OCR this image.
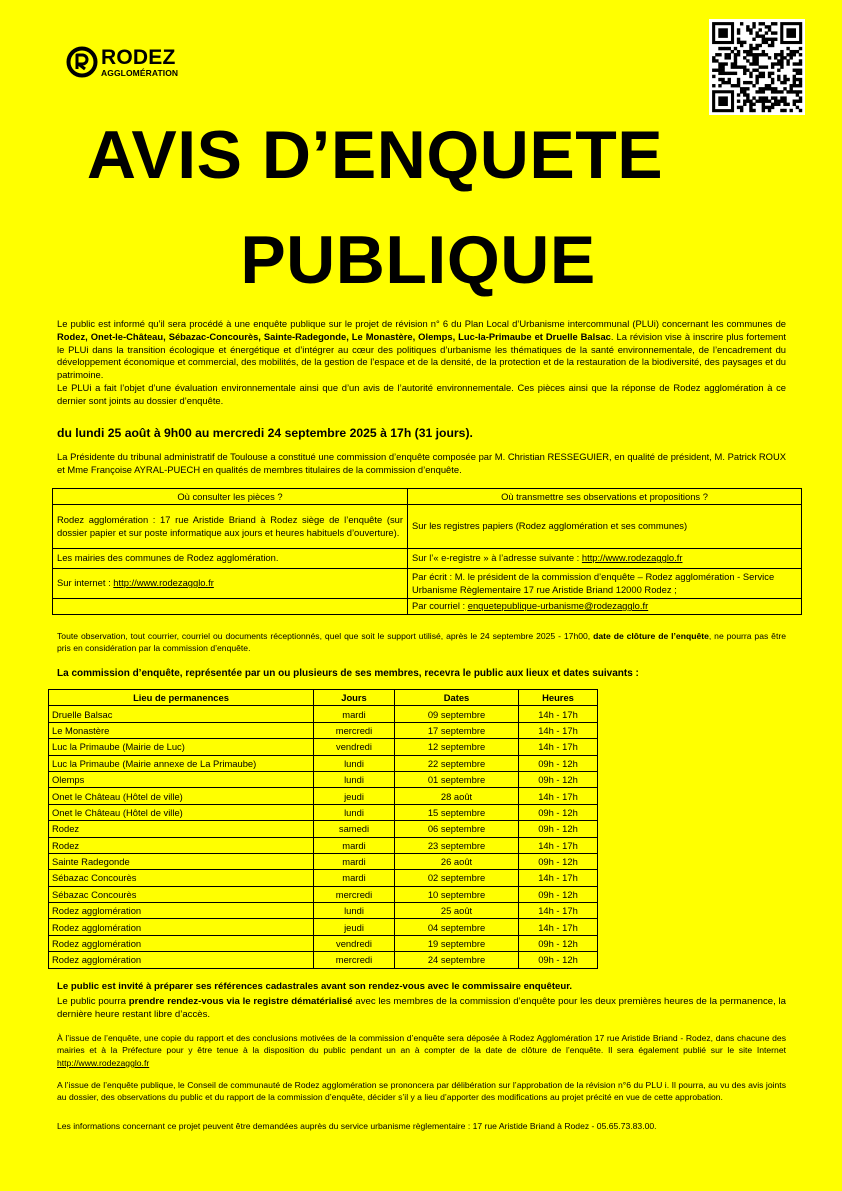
RODEZ
AGGLOMÉRATION
AVIS D’ENQUETE
PUBLIQUE

Le public est informé qu’il sera procédé à une enquête publique sur le projet de révision n° 6 du Plan Local d’Urbanisme intercommunal (PLUi) concernant les communes de Rodez, Onet-le-Château, Sébazac-Concourès, Sainte-Radegonde, Le Monastère, Olemps, Luc-la-Primaube et Druelle Balsac. La révision vise à inscrire plus fortement le PLUi dans la transition écologique et énergétique et d’intégrer au cœur des politiques d’urbanisme les thématiques de la santé environnementale, de l’encadrement du développement économique et commercial, des mobilités, de la gestion de l’espace et de la densité, de la protection et de la restauration de la biodiversité, des paysages et du patrimoine.

Le PLUi a fait l’objet d’une évaluation environnementale ainsi que d’un avis de l’autorité environnementale. Ces pièces ainsi que la réponse de Rodez agglomération à ce dernier sont joints au dossier d’enquête.

du lundi 25 août à 9h00 au mercredi 24 septembre 2025 à 17h (31 jours).
La Présidente du tribunal administratif de Toulouse a constitué une commission d’enquête composée par M. Christian RESSEGUIER, en qualité de président, M. Patrick ROUX et Mme Françoise AYRAL-PUECH en qualités de membres titulaires de la commission d’enquête.
Où consulter les pièces ?	Où transmettre ses observations et propositions ?
Rodez agglomération : 17 rue Aristide Briand à Rodez siège de l’enquête (sur dossier papier et sur poste informatique aux jours et heures habituels d’ouverture).	Sur les registres papiers (Rodez agglomération et ses communes)
Les mairies des communes de Rodez agglomération.	Sur l’« e-registre » à l’adresse suivante : http://www.rodezagglo.fr
Sur internet : http://www.rodezagglo.fr	Par écrit : M. le président de la commission d’enquête – Rodez agglomération - Service Urbanisme Règlementaire 17 rue Aristide Briand 12000 Rodez ;
	Par courriel : enquetepublique-urbanisme@rodezagglo.fr
Toute observation, tout courrier, courriel ou documents réceptionnés, quel que soit le support utilisé, après le 24 septembre 2025 - 17h00, date de clôture de l’enquête, ne pourra pas être pris en considération par la commission d’enquête.
La commission d’enquête, représentée par un ou plusieurs de ses membres, recevra le public aux lieux et dates suivants :
Lieu de permanences	Jours	Dates	Heures
Druelle Balsac	mardi	09 septembre	14h - 17h
Le Monastère	mercredi	17 septembre	14h - 17h
Luc la Primaube (Mairie de Luc)	vendredi	12 septembre	14h - 17h
Luc la Primaube (Mairie annexe de La Primaube)	lundi	22 septembre	09h - 12h
Olemps	lundi	01 septembre	09h - 12h
Onet le Château (Hôtel de ville)	jeudi	28 août	14h - 17h
Onet le Château (Hôtel de ville)	lundi	15 septembre	09h - 12h
Rodez	samedi	06 septembre	09h - 12h
Rodez	mardi	23 septembre	14h - 17h
Sainte Radegonde	mardi	26 août	09h - 12h
Sébazac Concourès	mardi	02 septembre	14h - 17h
Sébazac Concourès	mercredi	10 septembre	09h - 12h
Rodez agglomération	lundi	25 août	14h - 17h
Rodez agglomération	jeudi	04 septembre	14h - 17h
Rodez agglomération	vendredi	19 septembre	09h - 12h
Rodez agglomération	mercredi	24 septembre	09h - 12h
Le public est invité à préparer ses références cadastrales avant son rendez-vous avec le commissaire enquêteur.
Le public pourra prendre rendez-vous via le registre dématérialisé avec les membres de la commission d’enquête pour les deux premières heures de la permanence, la dernière heure restant libre d’accès.
À l’issue de l’enquête, une copie du rapport et des conclusions motivées de la commission d’enquête sera déposée à Rodez Agglomération 17 rue Aristide Briand - Rodez, dans chacune des mairies et à la Préfecture pour y être tenue à la disposition du public pendant un an à compter de la date de clôture de l’enquête. Il sera également publié sur le site Internet http://www.rodezagglo.fr
A l’issue de l’enquête publique, le Conseil de communauté de Rodez agglomération se prononcera par délibération sur l’approbation de la révision n°6 du PLU i. Il pourra, au vu des avis joints au dossier, des observations du public et du rapport de la commission d’enquête, décider s’il y a lieu d’apporter des modifications au projet précité en vue de cette approbation.
Les informations concernant ce projet peuvent être demandées auprès du service urbanisme règlementaire : 17 rue Aristide Briand à Rodez - 05.65.73.83.00.
